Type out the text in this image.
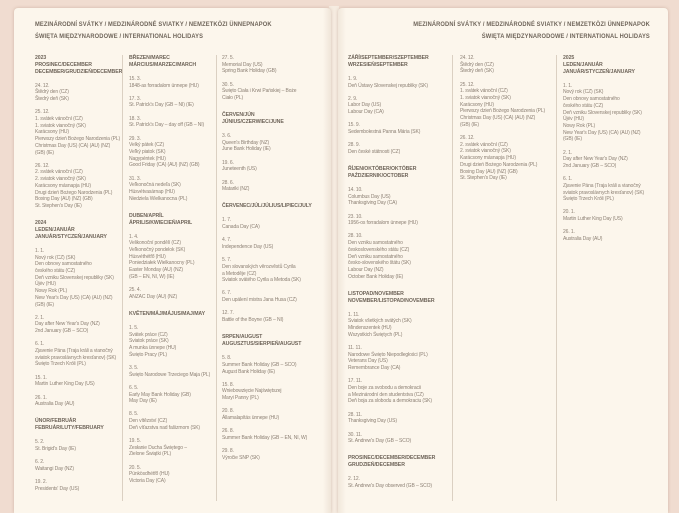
MEZINÁRODNÍ SVÁTKY / MEDZINÁRODNÉ SVIATKY / NEMZETKÖZI ÜNNEPNAPOK
ŚWIĘTA MIĘDZYNARODOWE / INTERNATIONAL HOLIDAYS
2023
PROSINEC/DECEMBER
DECEMBER/GRUDZIEŃ/DECEMBER
24. 12.
Štědrý den (CZ)
Štedrý deň (SK)
25. 12.
1. svátek vánoční (CZ)
1. sviatok vianočný (SK)
Karácsony (HU)
Pierwszy dzień Bożego Narodzenia (PL)
Christmas Day (US) (CA) (AU) (NZ)
(GB) (IE)
26. 12.
2. svátek vánoční (CZ)
2. sviatok vianočný (SK)
Karácsony másnapja (HU)
Drugi dzień Bożego Narodzenia (PL)
Boxing Day (AU) (NZ) (GB)
St. Stephen's Day (IE)
2024
LEDEN/JANUÁR
JANUÁR/STYCZEŃ/JANUARY
1. 1.
Nový rok (CZ) (SK)
Den obnovy samostatného
českého státu (CZ)
Deň vzniku Slovenskej republiky (SK)
Újév (HU)
Nowy Rok (PL)
New Year's Day (US) (CA) (AU) (NZ)
(GB) (IE)
2. 1.
Day after New Year's Day (NZ)
2nd January (GB – SCO)
6. 1.
Zjavenie Pána (Traja králi a vianočný
sviatok pravoslávnych kresťanov) (SK)
Święto Trzech Króli (PL)
15. 1.
Martin Luther King Day (US)
26. 1.
Australia Day (AU)
ÚNOR/FEBRUÁR
FEBRUÁR/LUTY/FEBRUARY
5. 2.
St. Brigid's Day (IE)
6. 2.
Waitangi Day (NZ)
19. 2.
Presidents' Day (US)
BŘEZEN/MAREC
MÁRCIUS/MARZEC/MARCH
15. 3.
1848-as forradalom ünnepe (HU)
17. 3.
St. Patrick's Day (GB – NI) (IE)
18. 3.
St. Patrick's Day – day off (GB – NI)
29. 3.
Velký pátek (CZ)
Veľký piatok (SK)
Nagypéntek (HU)
Good Friday (CA) (AU) (NZ) (GB)
31. 3.
Veľkonočná nedeľa (SK)
Húsvétvasárnap (HU)
Niedziela Wielkanocna (PL)
DUBEN/APRÍL
ÁPRILIS/KWIECIEŃ/APRIL
1. 4.
Velikonoční pondělí (CZ)
Veľkonočný pondelok (SK)
Húsvéthétfő (HU)
Poniedziałek Wielkanocny (PL)
Easter Monday (AU) (NZ)
(GB – EN, NI, W) (IE)
25. 4.
ANZAC Day (AU) (NZ)
KVĚTEN/MÁJ/MÁJUS/MAJ/MAY
1. 5.
Svátek práce (CZ)
Sviatok práce (SK)
A munka ünnepe (HU)
Święto Pracy (PL)
3. 5.
Święto Narodowe Trzeciego Maja (PL)
6. 5.
Early May Bank Holiday (GB)
May Day (IE)
8. 5.
Den vítězství (CZ)
Deň víťazstva nad fašizmom (SK)
19. 5.
Zesłanie Ducha Świętego –
Zielone Świątki (PL)
20. 5.
Pünkösdhétfő (HU)
Victoria Day (CA)
27. 5.
Memorial Day (US)
Spring Bank Holiday (GB)
30. 5.
Święto Ciała i Krwi Pańskiej – Boże
Ciało (PL)
ČERVEN/JÚN
JÚNIUS/CZERWIEC/JUNE
3. 6.
Queen's Birthday (NZ)
June Bank Holiday (IE)
19. 6.
Juneteenth (US)
28. 6.
Matariki (NZ)
ČERVENEC/JÚL/JÚLIUS/LIPIEC/JULY
1. 7.
Canada Day (CA)
4. 7.
Independence Day (US)
5. 7.
Den slovanských věrozvěstů Cyrila
a Metoděje (CZ)
Sviatok svätého Cyrila a Metoda (SK)
6. 7.
Den upálení mistra Jana Husa (CZ)
12. 7.
Battle of the Boyne (GB – NI)
SRPEN/AUGUST
AUGUSZTUS/SIERPIEŃ/AUGUST
5. 8.
Summer Bank Holiday (GB – SCO)
August Bank Holiday (IE)
15. 8.
Wniebowzięcie Najświętszej
Maryi Panny (PL)
20. 8.
Államalapítás ünnepe (HU)
26. 8.
Summer Bank Holiday (GB – EN, NI, W)
29. 8.
Výročie SNP (SK)
MEZINÁRODNÍ SVÁTKY / MEDZINÁRODNÉ SVIATKY / NEMZETKÖZI ÜNNEPNAPOK
ŚWIĘTA MIĘDZYNARODOWE / INTERNATIONAL HOLIDAYS
ZÁŘÍ/SEPTEMBER/SZEPTEMBER
WRZESIEŃ/SEPTEMBER
1. 9.
Deň Ústavy Slovenskej republiky (SK)
2. 9.
Labor Day (US)
Labour Day (CA)
15. 9.
Sedembolestná Panna Mária (SK)
28. 9.
Den české státnosti (CZ)
ŘÍJEN/OKTÓBER/OKTÓBER
PAŹDZIERNIK/OCTOBER
14. 10.
Columbus Day (US)
Thanksgiving Day (CA)
23. 10.
1956-os forradalom ünnepe (HU)
28. 10.
Den vzniku samostatného
československého státu (CZ)
Deň vzniku samostatného
česko-slovenského štátu (SK)
Labour Day (NZ)
October Bank Holiday (IE)
LISTOPAD/NOVEMBER
NOVEMBER/LISTOPAD/NOVEMBER
1. 11.
Sviatok všetkých svätých (SK)
Mindenszentek (HU)
Wszystkich Świętych (PL)
11. 11.
Narodowe Święto Niepodległości (PL)
Veterans Day (US)
Remembrance Day (CA)
17. 11.
Den boje za svobodu a demokracii
a Mezinárodní den studentstva (CZ)
Deň boja za slobodu a demokraciu (SK)
28. 11.
Thanksgiving Day (US)
30. 11.
St. Andrew's Day (GB – SCO)
PROSINEC/DECEMBER/DECEMBER
GRUDZIEŃ/DECEMBER
2. 12.
St. Andrew's Day observed (GB – SCO)
24. 12.
Štědrý den (CZ)
Štedrý deň (SK)
25. 12.
1. svátek vánoční (CZ)
1. sviatok vianočný (SK)
Karácsony (HU)
Pierwszy dzień Bożego Narodzenia (PL)
Christmas Day (US) (CA) (AU) (NZ)
(GB) (IE)
26. 12.
2. svátek vánoční (CZ)
2. sviatok vianočný (SK)
Karácsony másnapja (HU)
Drugi dzień Bożego Narodzenia (PL)
Boxing Day (AU) (NZ) (GB)
St. Stephen's Day (IE)
2025
LEDEN/JANUÁR
JANUÁR/STYCZEŃ/JANUARY
1. 1.
Nový rok (CZ) (SK)
Den obnovy samostatného
českého státu (CZ)
Deň vzniku Slovenskej republiky (SK)
Újév (HU)
Nowy Rok (PL)
New Year's Day (US) (CA) (AU) (NZ)
(GB) (IE)
2. 1.
Day after New Year's Day (NZ)
2nd January (GB – SCO)
6. 1.
Zjavenie Pána (Traja králi a vianočný
sviatok pravoslávnych kresťanov) (SK)
Święto Trzech Króli (PL)
20. 1.
Martin Luther King Day (US)
26. 1.
Australia Day (AU)
